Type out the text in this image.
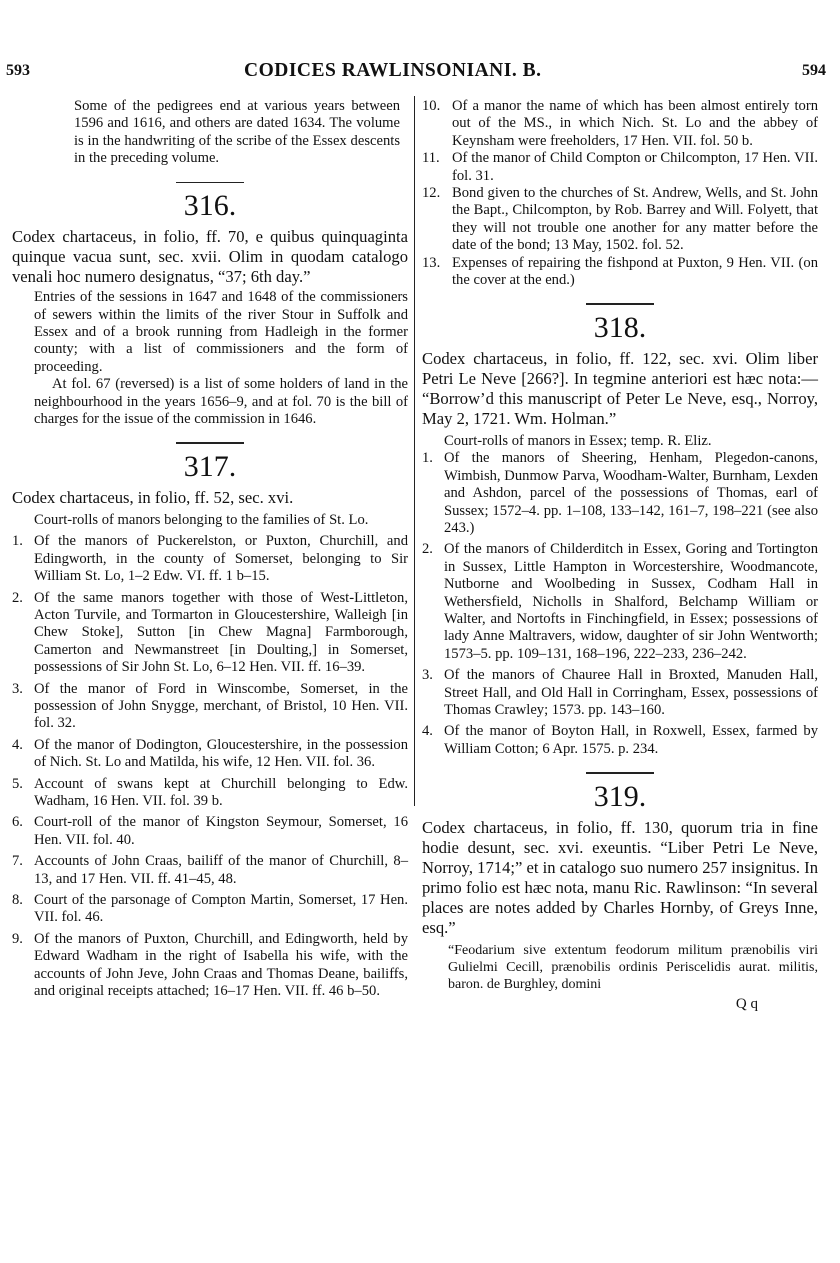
593	CODICES RAWLINSONIANI. B.	594

Some of the pedigrees end at various years between 1596 and 1616, and others are dated 1634. The volume is in the handwriting of the scribe of the Essex descents in the preceding volume.

316.

Codex chartaceus, in folio, ff. 70, e quibus quinquaginta quinque vacua sunt, sec. xvii. Olim in quodam catalogo venali hoc numero designatus, “37; 6th day.”

Entries of the sessions in 1647 and 1648 of the commissioners of sewers within the limits of the river Stour in Suffolk and Essex and of a brook running from Hadleigh in the former county; with a list of commissioners and the form of proceeding.

At fol. 67 (reversed) is a list of some holders of land in the neighbourhood in the years 1656–9, and at fol. 70 is the bill of charges for the issue of the commission in 1646.

317.

Codex chartaceus, in folio, ff. 52, sec. xvi.

Court-rolls of manors belonging to the families of St. Lo.

1. Of the manors of Puckerelston, or Puxton, Churchill, and Edingworth, in the county of Somerset, belonging to Sir William St. Lo, 1–2 Edw. VI. ff. 1 b–15.
2. Of the same manors together with those of West-Littleton, Acton Turvile, and Tormarton in Gloucestershire, Walleigh [in Chew Stoke], Sutton [in Chew Magna] Farmborough, Camerton and Newmanstreet [in Doulting,] in Somerset, possessions of Sir John St. Lo, 6–12 Hen. VII. ff. 16–39.
3. Of the manor of Ford in Winscombe, Somerset, in the possession of John Snygge, merchant, of Bristol, 10 Hen. VII. fol. 32.
4. Of the manor of Dodington, Gloucestershire, in the possession of Nich. St. Lo and Matilda, his wife, 12 Hen. VII. fol. 36.
5. Account of swans kept at Churchill belonging to Edw. Wadham, 16 Hen. VII. fol. 39 b.
6. Court-roll of the manor of Kingston Seymour, Somerset, 16 Hen. VII. fol. 40.
7. Accounts of John Craas, bailiff of the manor of Churchill, 8–13, and 17 Hen. VII. ff. 41–45, 48.
8. Court of the parsonage of Compton Martin, Somerset, 17 Hen. VII. fol. 46.
9. Of the manors of Puxton, Churchill, and Edingworth, held by Edward Wadham in the right of Isabella his wife, with the accounts of John Jeve, John Craas and Thomas Deane, bailiffs, and original receipts attached; 16–17 Hen. VII. ff. 46 b–50.
10. Of a manor the name of which has been almost entirely torn out of the MS., in which Nich. St. Lo and the abbey of Keynsham were freeholders, 17 Hen. VII. fol. 50 b.
11. Of the manor of Child Compton or Chilcompton, 17 Hen. VII. fol. 31.
12. Bond given to the churches of St. Andrew, Wells, and St. John the Bapt., Chilcompton, by Rob. Barrey and Will. Folyett, that they will not trouble one another for any matter before the date of the bond; 13 May, 1502. fol. 52.
13. Expenses of repairing the fishpond at Puxton, 9 Hen. VII. (on the cover at the end.)
318.

Codex chartaceus, in folio, ff. 122, sec. xvi. Olim liber Petri Le Neve [266?]. In tegmine anteriori est hæc nota:— “Borrow’d this manuscript of Peter Le Neve, esq., Norroy, May 2, 1721. Wm. Holman.”

Court-rolls of manors in Essex; temp. R. Eliz.

1. Of the manors of Sheering, Henham, Plegedon-canons, Wimbish, Dunmow Parva, Woodham-Walter, Burnham, Lexden and Ashdon, parcel of the possessions of Thomas, earl of Sussex; 1572–4. pp. 1–108, 133–142, 161–7, 198–221 (see also 243.)
2. Of the manors of Childerditch in Essex, Goring and Tortington in Sussex, Little Hampton in Worcestershire, Woodmancote, Nutborne and Woolbeding in Sussex, Codham Hall in Wethersfield, Nicholls in Shalford, Belchamp William or Walter, and Nortofts in Finchingfield, in Essex; possessions of lady Anne Maltravers, widow, daughter of sir John Wentworth; 1573–5. pp. 109–131, 168–196, 222–233, 236–242.
3. Of the manors of Chauree Hall in Broxted, Manuden Hall, Street Hall, and Old Hall in Corringham, Essex, possessions of Thomas Crawley; 1573. pp. 143–160.
4. Of the manor of Boyton Hall, in Roxwell, Essex, farmed by William Cotton; 6 Apr. 1575. p. 234.
319.

Codex chartaceus, in folio, ff. 130, quorum tria in fine hodie desunt, sec. xvi. exeuntis. “Liber Petri Le Neve, Norroy, 1714;” et in catalogo suo numero 257 insignitus. In primo folio est hæc nota, manu Ric. Rawlinson: “In several places are notes added by Charles Hornby, of Greys Inne, esq.”

“Feodarium sive extentum feodorum militum prænobilis viri Gulielmi Cecill, prænobilis ordinis Periscelidis aurat. militis, baron. de Burghley, domini

Q q
